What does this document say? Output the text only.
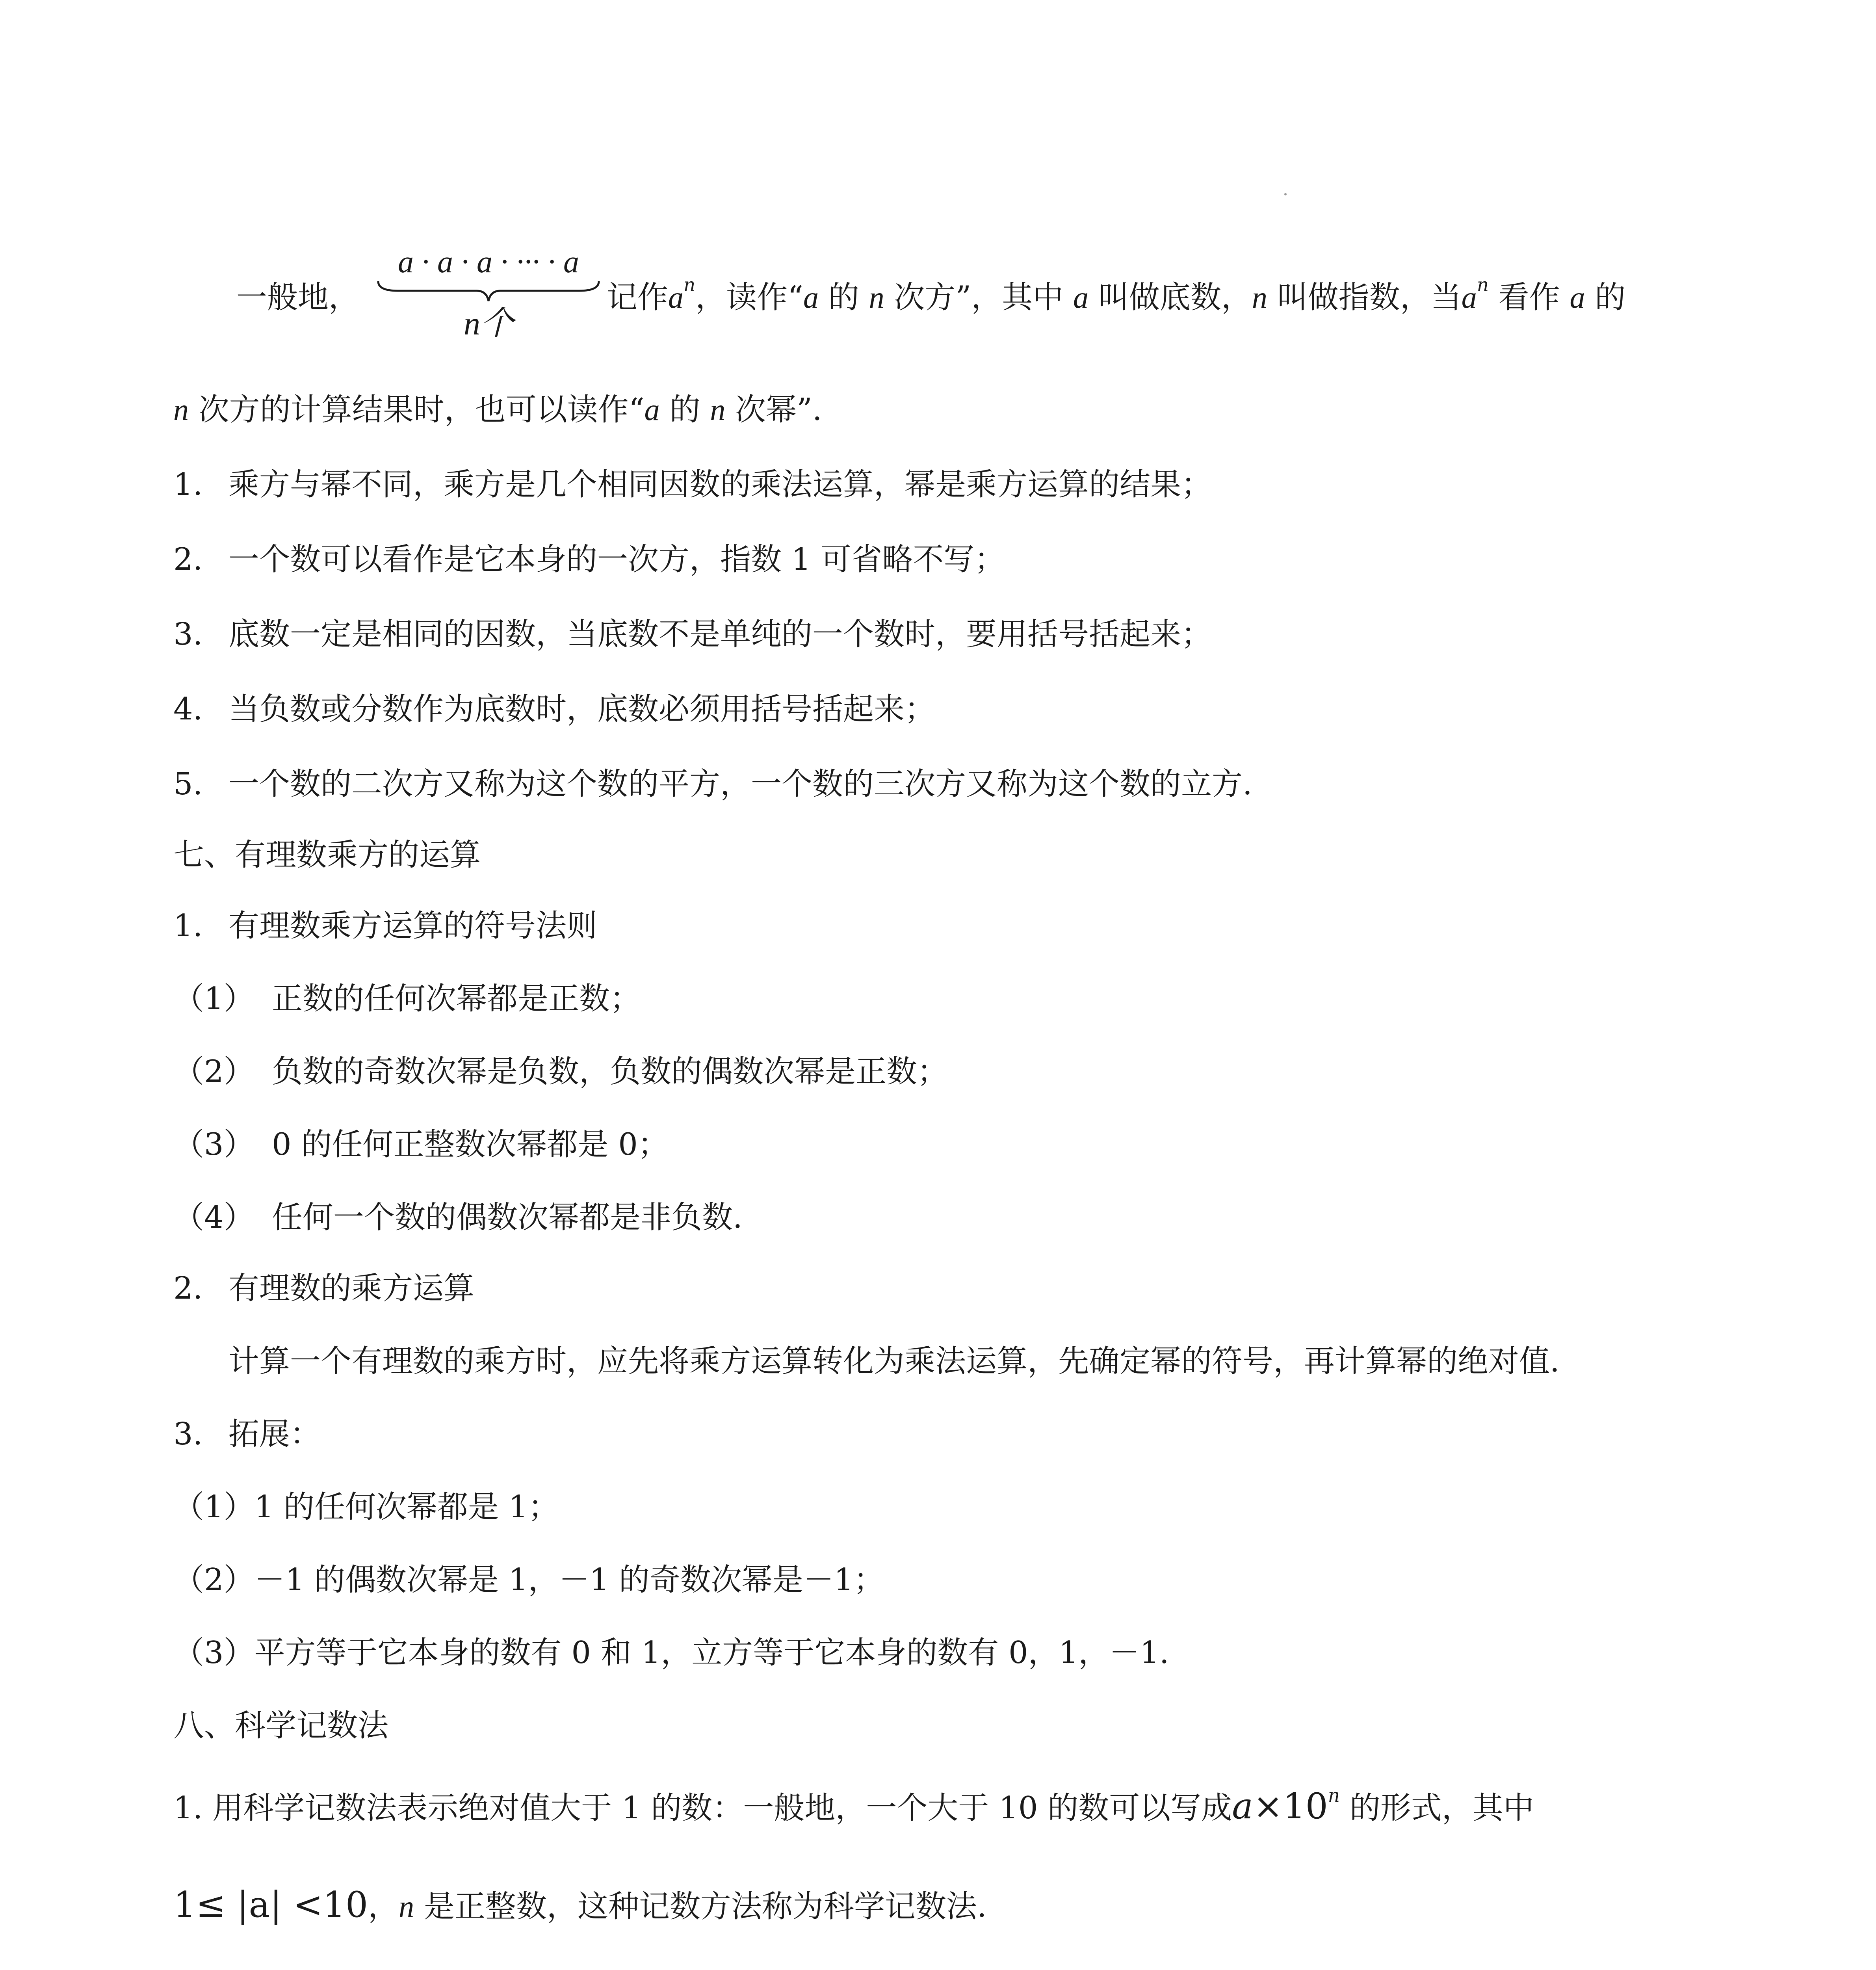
一般地，
a · a · a · ··· · a
n个
记作$a^n$，读作“a 的 n 次方”，其中 a 叫做底数，n 叫做指数，当$a^n$ 看作 a 的
n 次方的计算结果时，也可以读作“a 的 n 次幂”.
1. 乘方与幂不同，乘方是几个相同因数的乘法运算，幂是乘方运算的结果；
2. 一个数可以看作是它本身的一次方，指数 1 可省略不写；
3. 底数一定是相同的因数，当底数不是单纯的一个数时，要用括号括起来；
4. 当负数或分数作为底数时，底数必须用括号括起来；
5. 一个数的二次方又称为这个数的平方，一个数的三次方又称为这个数的立方.
七、有理数乘方的运算
1. 有理数乘方运算的符号法则
（1） 正数的任何次幂都是正数；
（2） 负数的奇数次幂是负数，负数的偶数次幂是正数；
（3） 0 的任何正整数次幂都是 0；
（4） 任何一个数的偶数次幂都是非负数.
2. 有理数的乘方运算
计算一个有理数的乘方时，应先将乘方运算转化为乘法运算，先确定幂的符号，再计算幂的绝对值.
3. 拓展：
（1）1 的任何次幂都是 1；
（2）－1 的偶数次幂是 1，－1 的奇数次幂是－1；
（3）平方等于它本身的数有 0 和 1，立方等于它本身的数有 0，1，－1.
八、科学记数法
1. 用科学记数法表示绝对值大于 1 的数：一般地，一个大于 10 的数可以写成$a\times 10^n$ 的形式，其中
1≤ |a| <10，n 是正整数，这种记数方法称为科学记数法.
